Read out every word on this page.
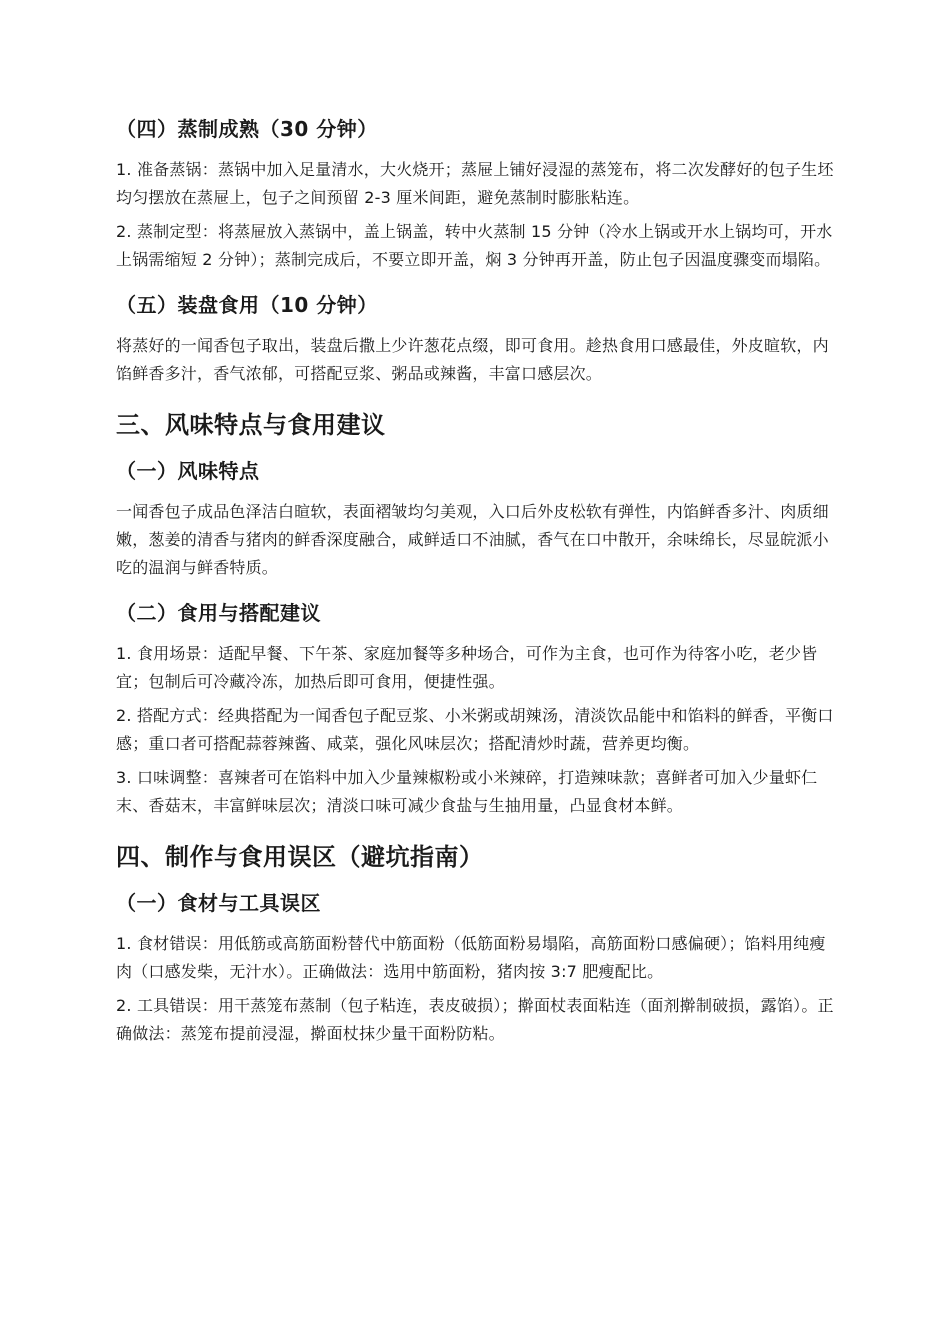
（四）蒸制成熟（30 分钟）
1. 准备蒸锅：蒸锅中加入足量清水，大火烧开；蒸屉上铺好浸湿的蒸笼布，将二次发酵好的包子生坯均匀摆放在蒸屉上，包子之间预留 2-3 厘米间距，避免蒸制时膨胀粘连。
2. 蒸制定型：将蒸屉放入蒸锅中，盖上锅盖，转中火蒸制 15 分钟（冷水上锅或开水上锅均可，开水上锅需缩短 2 分钟）；蒸制完成后，不要立即开盖，焖 3 分钟再开盖，防止包子因温度骤变而塌陷。
（五）装盘食用（10 分钟）
将蒸好的一闻香包子取出，装盘后撒上少许葱花点缀，即可食用。趁热食用口感最佳，外皮暄软，内馅鲜香多汁，香气浓郁，可搭配豆浆、粥品或辣酱，丰富口感层次。
三、风味特点与食用建议
（一）风味特点
一闻香包子成品色泽洁白暄软，表面褶皱均匀美观，入口后外皮松软有弹性，内馅鲜香多汁、肉质细嫩，葱姜的清香与猪肉的鲜香深度融合，咸鲜适口不油腻，香气在口中散开，余味绵长，尽显皖派小吃的温润与鲜香特质。
（二）食用与搭配建议
1. 食用场景：适配早餐、下午茶、家庭加餐等多种场合，可作为主食，也可作为待客小吃，老少皆宜；包制后可冷藏冷冻，加热后即可食用，便捷性强。
2. 搭配方式：经典搭配为一闻香包子配豆浆、小米粥或胡辣汤，清淡饮品能中和馅料的鲜香，平衡口感；重口者可搭配蒜蓉辣酱、咸菜，强化风味层次；搭配清炒时蔬，营养更均衡。
3. 口味调整：喜辣者可在馅料中加入少量辣椒粉或小米辣碎，打造辣味款；喜鲜者可加入少量虾仁末、香菇末，丰富鲜味层次；清淡口味可减少食盐与生抽用量，凸显食材本鲜。
四、制作与食用误区（避坑指南）
（一）食材与工具误区
1. 食材错误：用低筋或高筋面粉替代中筋面粉（低筋面粉易塌陷，高筋面粉口感偏硬）；馅料用纯瘦肉（口感发柴，无汁水）。正确做法：选用中筋面粉，猪肉按 3:7 肥瘦配比。
2. 工具错误：用干蒸笼布蒸制（包子粘连，表皮破损）；擀面杖表面粘连（面剂擀制破损，露馅）。正确做法：蒸笼布提前浸湿，擀面杖抹少量干面粉防粘。
